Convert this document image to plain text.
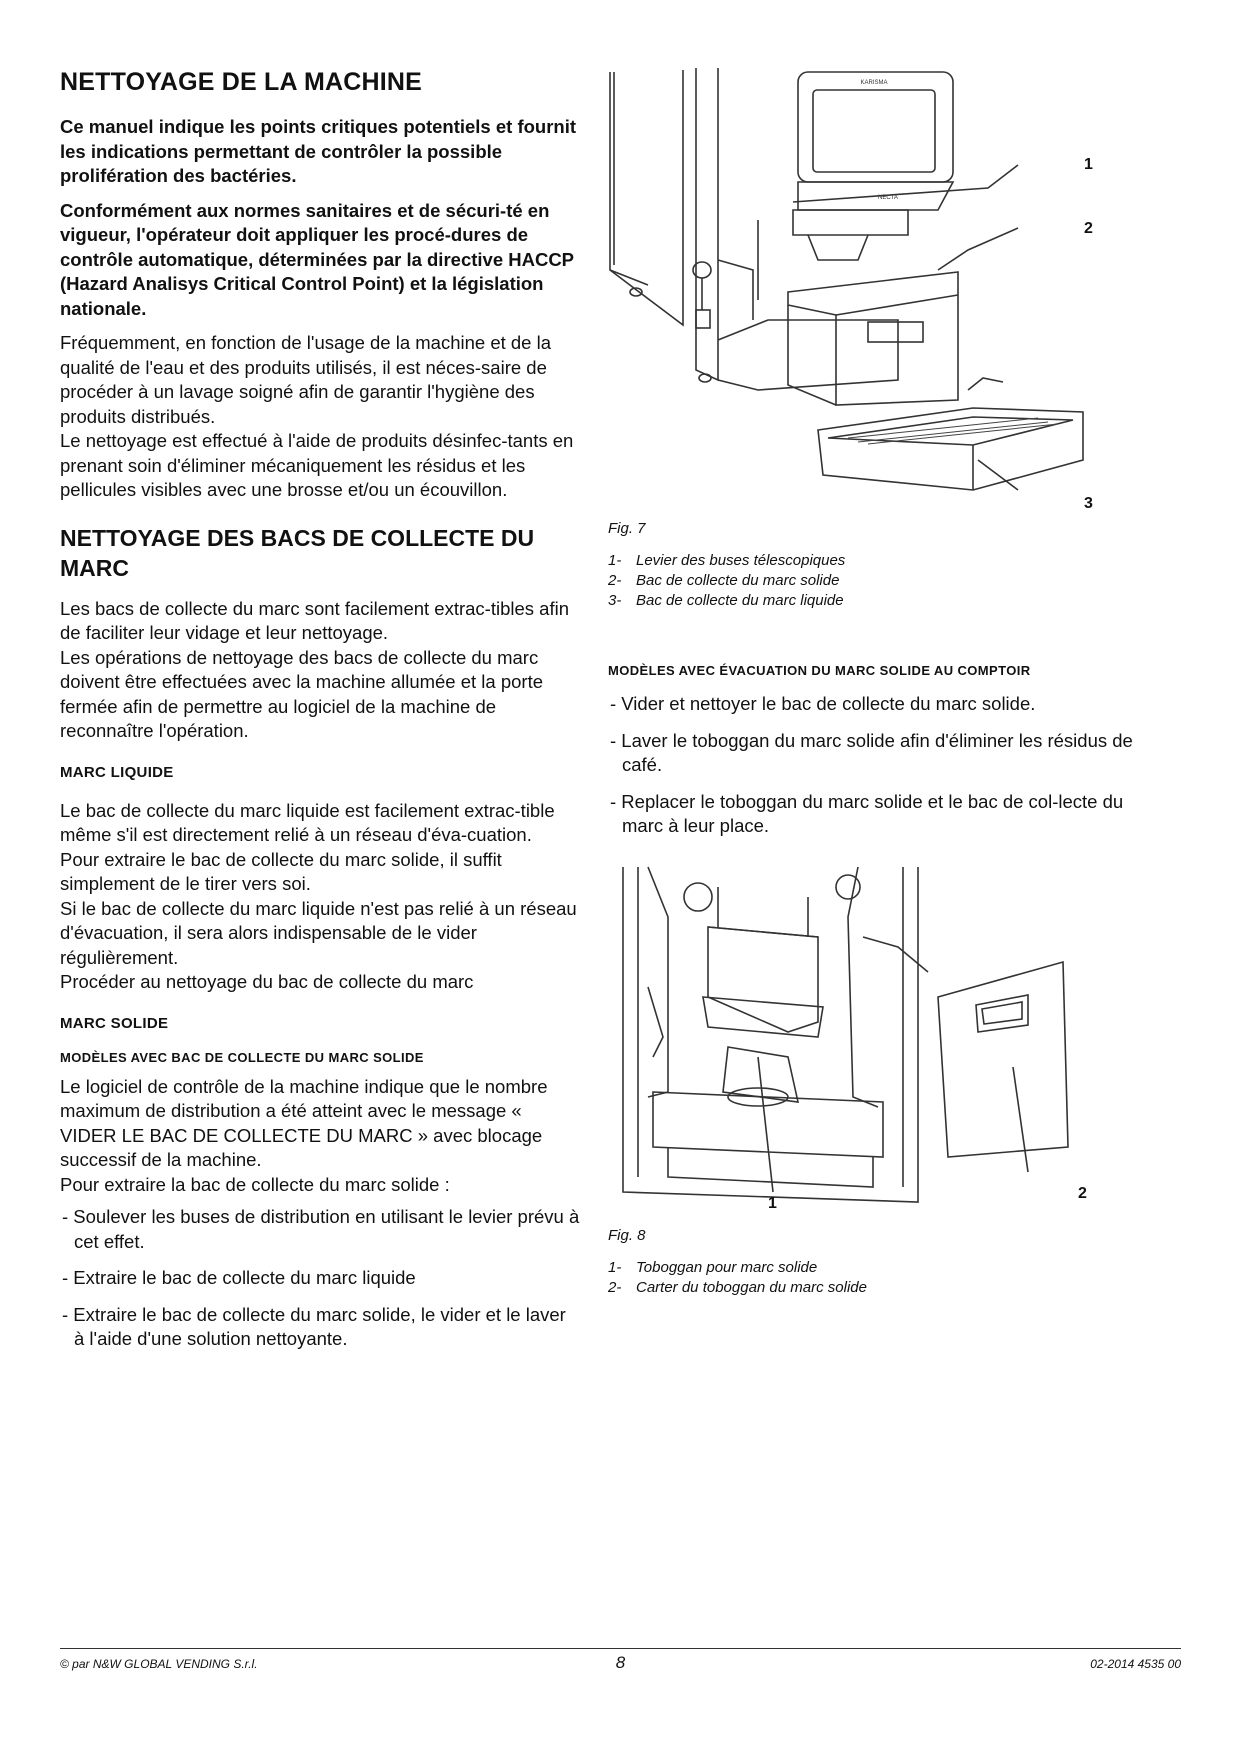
NETTOYAGE DE LA MACHINE

Ce manuel indique les points critiques potentiels et fournit les indications permettant de contrôler la possible prolifération des bactéries.

Conformément aux normes sanitaires et de sécuri-té en vigueur, l'opérateur doit appliquer les procé-dures de contrôle automatique, déterminées par la directive HACCP (Hazard Analisys Critical Control Point) et la législation nationale.

Fréquemment, en fonction de l'usage de la machine et de la qualité de l'eau et des produits utilisés, il est néces-saire de procéder à un lavage soigné afin de garantir l'hygiène des produits distribués.

Le nettoyage est effectué à l'aide de produits désinfec-tants en prenant soin d'éliminer mécaniquement les résidus et les pellicules visibles avec une brosse et/ou un écouvillon.

NETTOYAGE DES BACS DE COLLECTE DU MARC

Les bacs de collecte du marc sont facilement extrac-tibles afin de faciliter leur vidage et leur nettoyage.

Les opérations de nettoyage des bacs de collecte du marc doivent être effectuées avec la machine allumée et la porte fermée afin de permettre au logiciel de la machine de reconnaître l'opération.

MARC LIQUIDE

Le bac de collecte du marc liquide est facilement extrac-tible même s'il est directement relié à un réseau d'éva-cuation.

Pour extraire le bac de collecte du marc solide, il suffit simplement de le tirer vers soi.

Si le bac de collecte du marc liquide n'est pas relié à un réseau d'évacuation, il sera alors indispensable de le vider régulièrement.

Procéder au nettoyage du bac de collecte du marc

MARC SOLIDE
MODÈLES AVEC BAC DE COLLECTE DU MARC SOLIDE

Le logiciel de contrôle de la machine indique que le nombre maximum de distribution a été atteint avec le message « VIDER LE BAC DE COLLECTE DU MARC » avec blocage successif de la machine.

Pour extraire la bac de collecte du marc solide :

- Soulever les buses de distribution en utilisant le levier prévu à cet effet.

- Extraire le bac de collecte du marc liquide

- Extraire le bac de collecte du marc solide, le vider et le laver à l'aide d'une solution nettoyante.

KARISMA
NECTA
1
2
3
Fig. 7
1- Levier des buses télescopiques
2- Bac de collecte du marc solide
3- Bac de collecte du marc liquide
MODÈLES AVEC ÉVACUATION DU MARC SOLIDE AU COMPTOIR

- Vider et nettoyer le bac de collecte du marc solide.

- Laver le toboggan du marc solide afin d'éliminer les résidus de café.

- Replacer le toboggan du marc solide et le bac de col-lecte du marc à leur place.

1
2
Fig. 8
1- Toboggan pour marc solide
2- Carter du toboggan du marc solide
© par N&W GLOBAL VENDING S.r.l.	8	02-2014 4535 00
